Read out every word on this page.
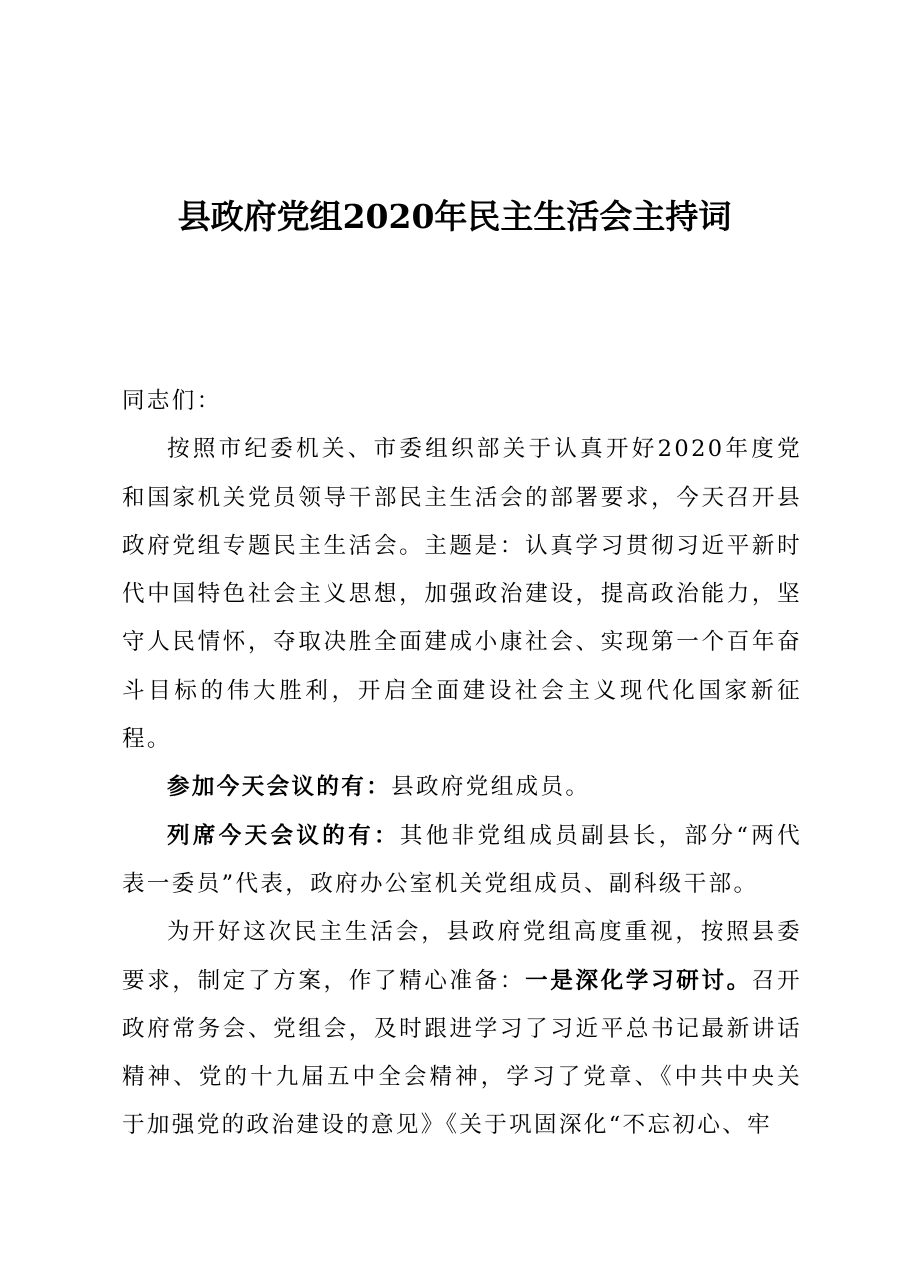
县政府党组2020年民主生活会主持词

同志们：

按照市纪委机关、市委组织部关于认真开好2020年度党和国家机关党员领导干部民主生活会的部署要求，今天召开县政府党组专题民主生活会。主题是：认真学习贯彻习近平新时代中国特色社会主义思想，加强政治建设，提高政治能力，坚守人民情怀，夺取决胜全面建成小康社会、实现第一个百年奋斗目标的伟大胜利，开启全面建设社会主义现代化国家新征程。

参加今天会议的有：县政府党组成员。

列席今天会议的有：其他非党组成员副县长，部分“两代表一委员”代表，政府办公室机关党组成员、副科级干部。

为开好这次民主生活会，县政府党组高度重视，按照县委要求，制定了方案，作了精心准备：一是深化学习研讨。召开政府常务会、党组会，及时跟进学习了习近平总书记最新讲话精神、党的十九届五中全会精神，学习了党章、《中共中央关于加强党的政治建设的意见》《关于巩固深化“不忘初心、牢
